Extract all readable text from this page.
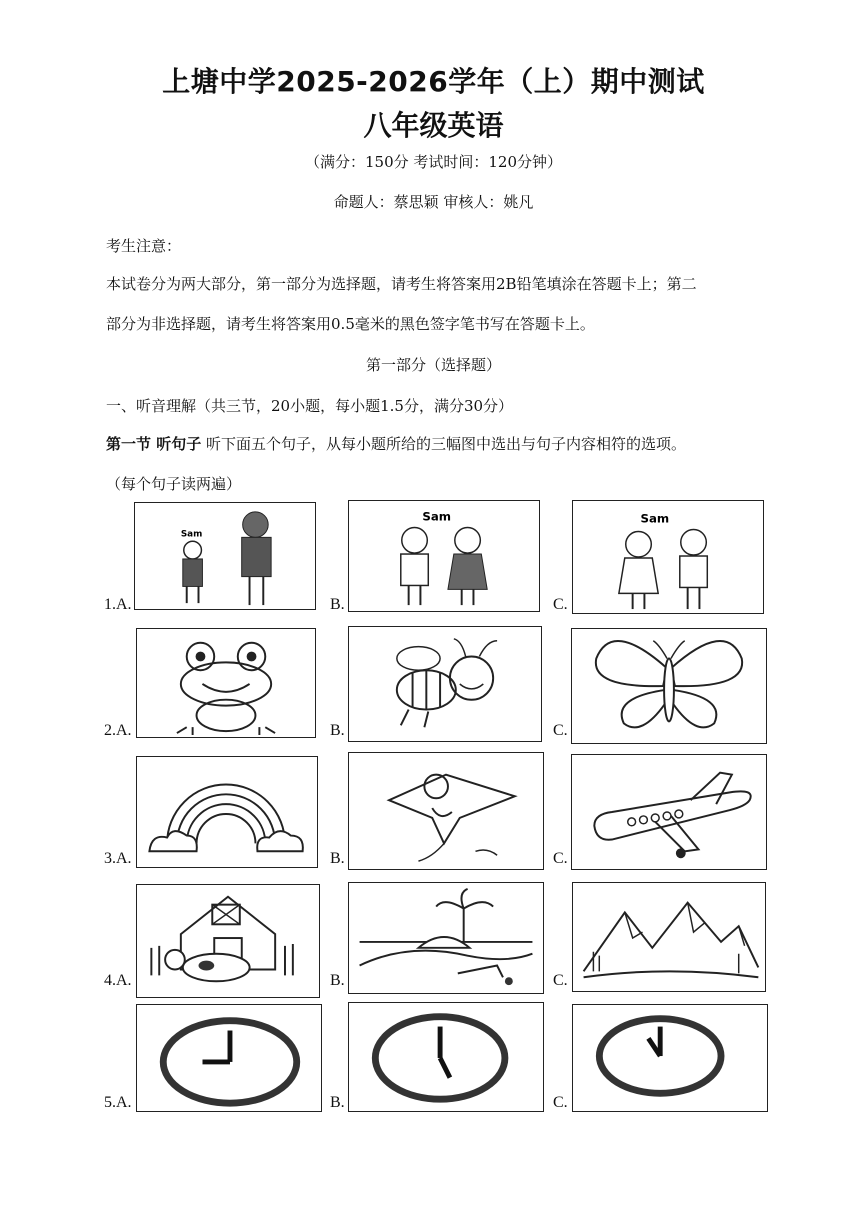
上塘中学2025-2026学年（上）期中测试
八年级英语
（满分：150分 考试时间：120分钟）
命题人：蔡思颖 审核人：姚凡
考生注意：
本试卷分为两大部分，第一部分为选择题，请考生将答案用2B铅笔填涂在答题卡上；第二
部分为非选择题，请考生将答案用0.5毫米的黑色签字笔书写在答题卡上。
第一部分（选择题）
一、听音理解（共三节，20小题，每小题1.5分，满分30分）
第一节 听句子 听下面五个句子，从每小题所给的三幅图中选出与句子内容相符的选项。
（每个句子读两遍）
1.A.	B.	C.
Sam
Sam	Sam
2.A.	B.	C.
3.A.	B.	C.
4.A.	B.	C.
5.A.	B.	C.
